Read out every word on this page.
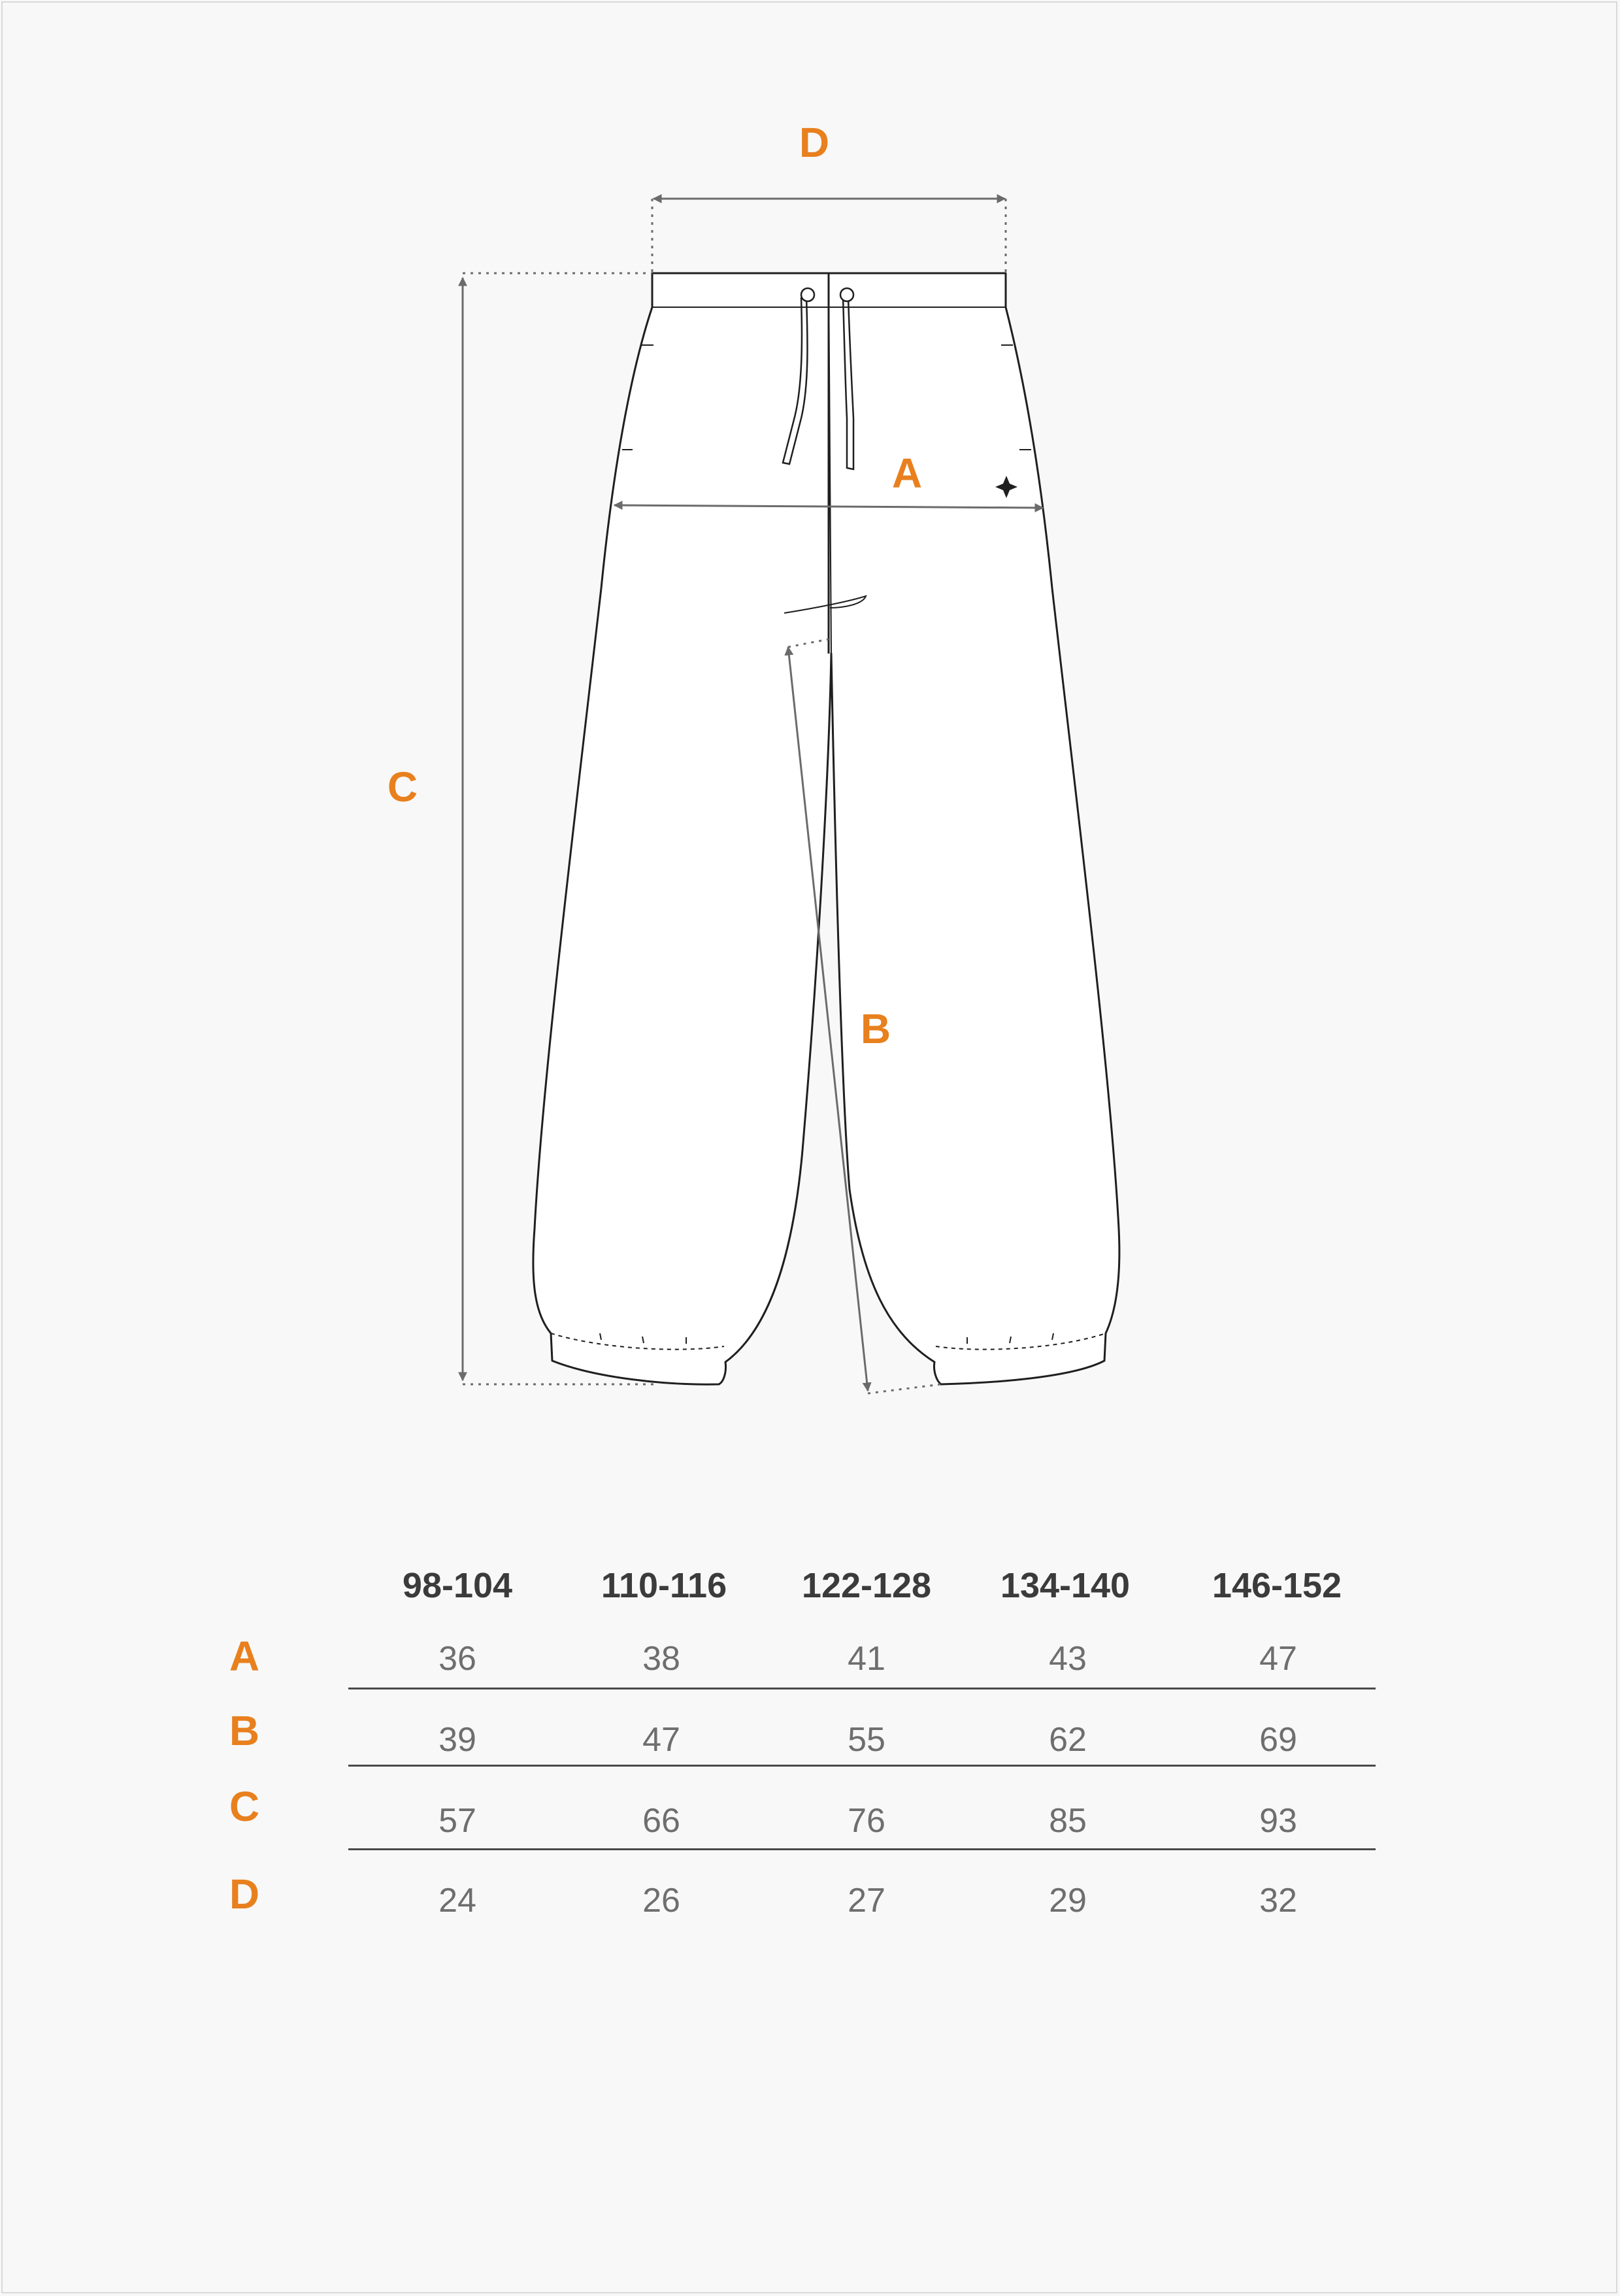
D
A
C
B
98-104	110-116 122-128 134-140 146-152
A	36	38	41	43	47
B	39	47	55	62	69
C	57	66	76	85	93
D	24	26	27	29	32
